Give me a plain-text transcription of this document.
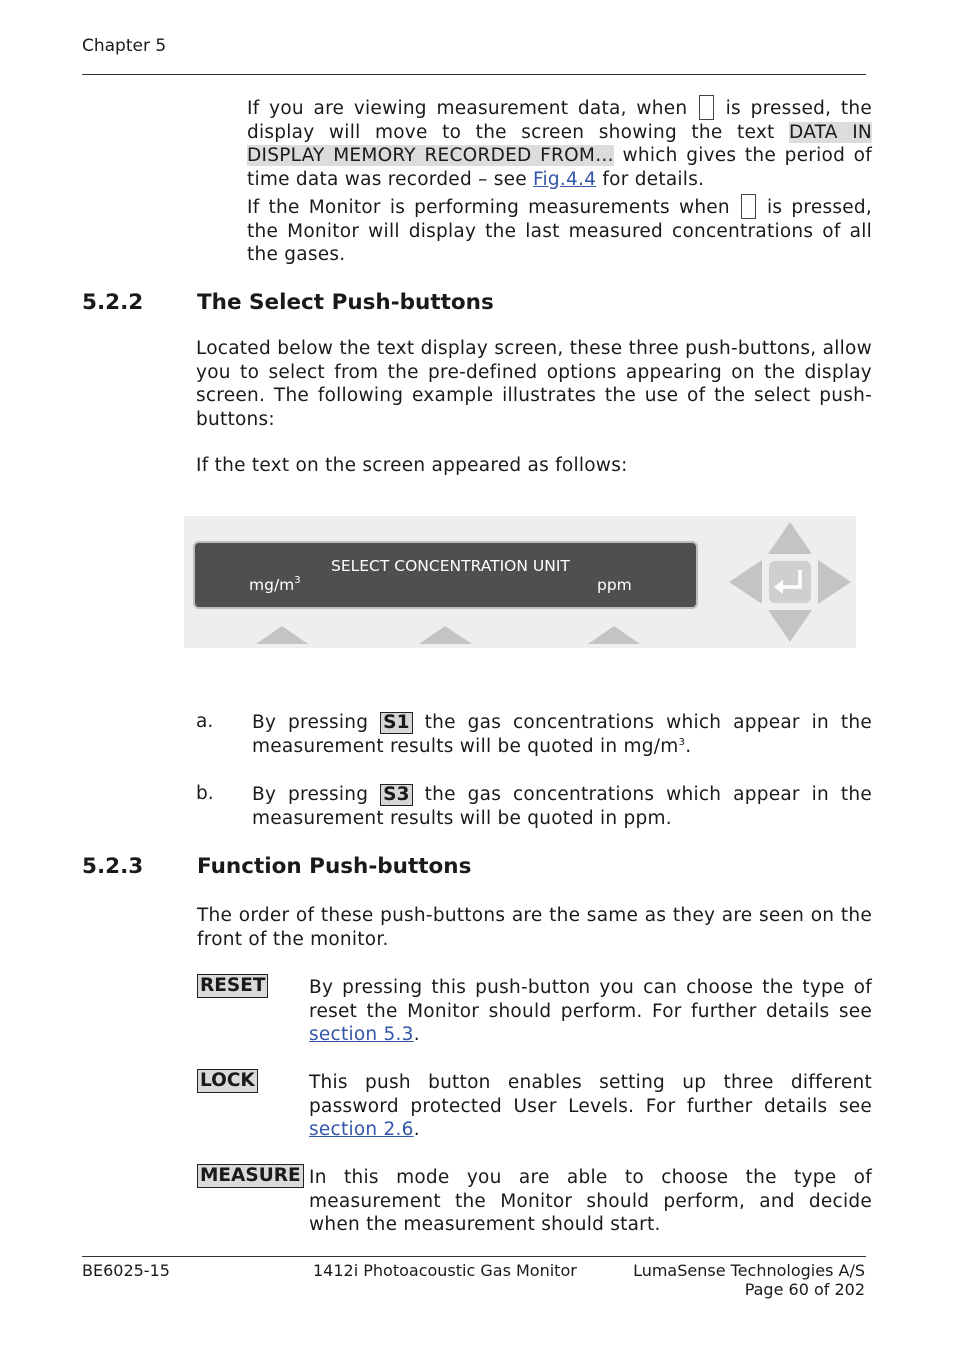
Chapter 5
If you are viewing measurement data, when is pressed, the display will move to the screen showing the text DATA IN DISPLAY MEMORY RECORDED FROM… which gives the period of time data was recorded – see Fig.4.4 for details.
If the Monitor is performing measurements when is pressed, the Monitor will display the last measured concentrations of all the gases.
5.2.2	The Select Push-buttons
Located below the text display screen, these three push-buttons, allow you to select from the pre-defined options appearing on the display screen. The following example illustrates the use of the select push-buttons:
If the text on the screen appeared as follows:
SELECT CONCENTRATION UNIT
$mg/m^3$	ppm
a. By pressing S1 the gas concentrations which appear in the
measurement results will be quoted in $mg/m^3$.
b. By pressing S3 the gas concentrations which appear in the
measurement results will be quoted in ppm.
5.2.3	Function Push-buttons
The order of these push-buttons are the same as they are seen on the front of the monitor.
RESET By pressing this push-button you can choose the type of reset the Monitor should perform. For further details see section 5.3.
LOCK	This push button enables setting up three different password protected User Levels. For further details see section 2.6.
MEASURE In this mode you are able to choose the type of measurement the Monitor should perform, and decide when the measurement should start.
BE6025-15	1412i Photoacoustic Gas Monitor	LumaSense Technologies A/S
Page 60 of 202
